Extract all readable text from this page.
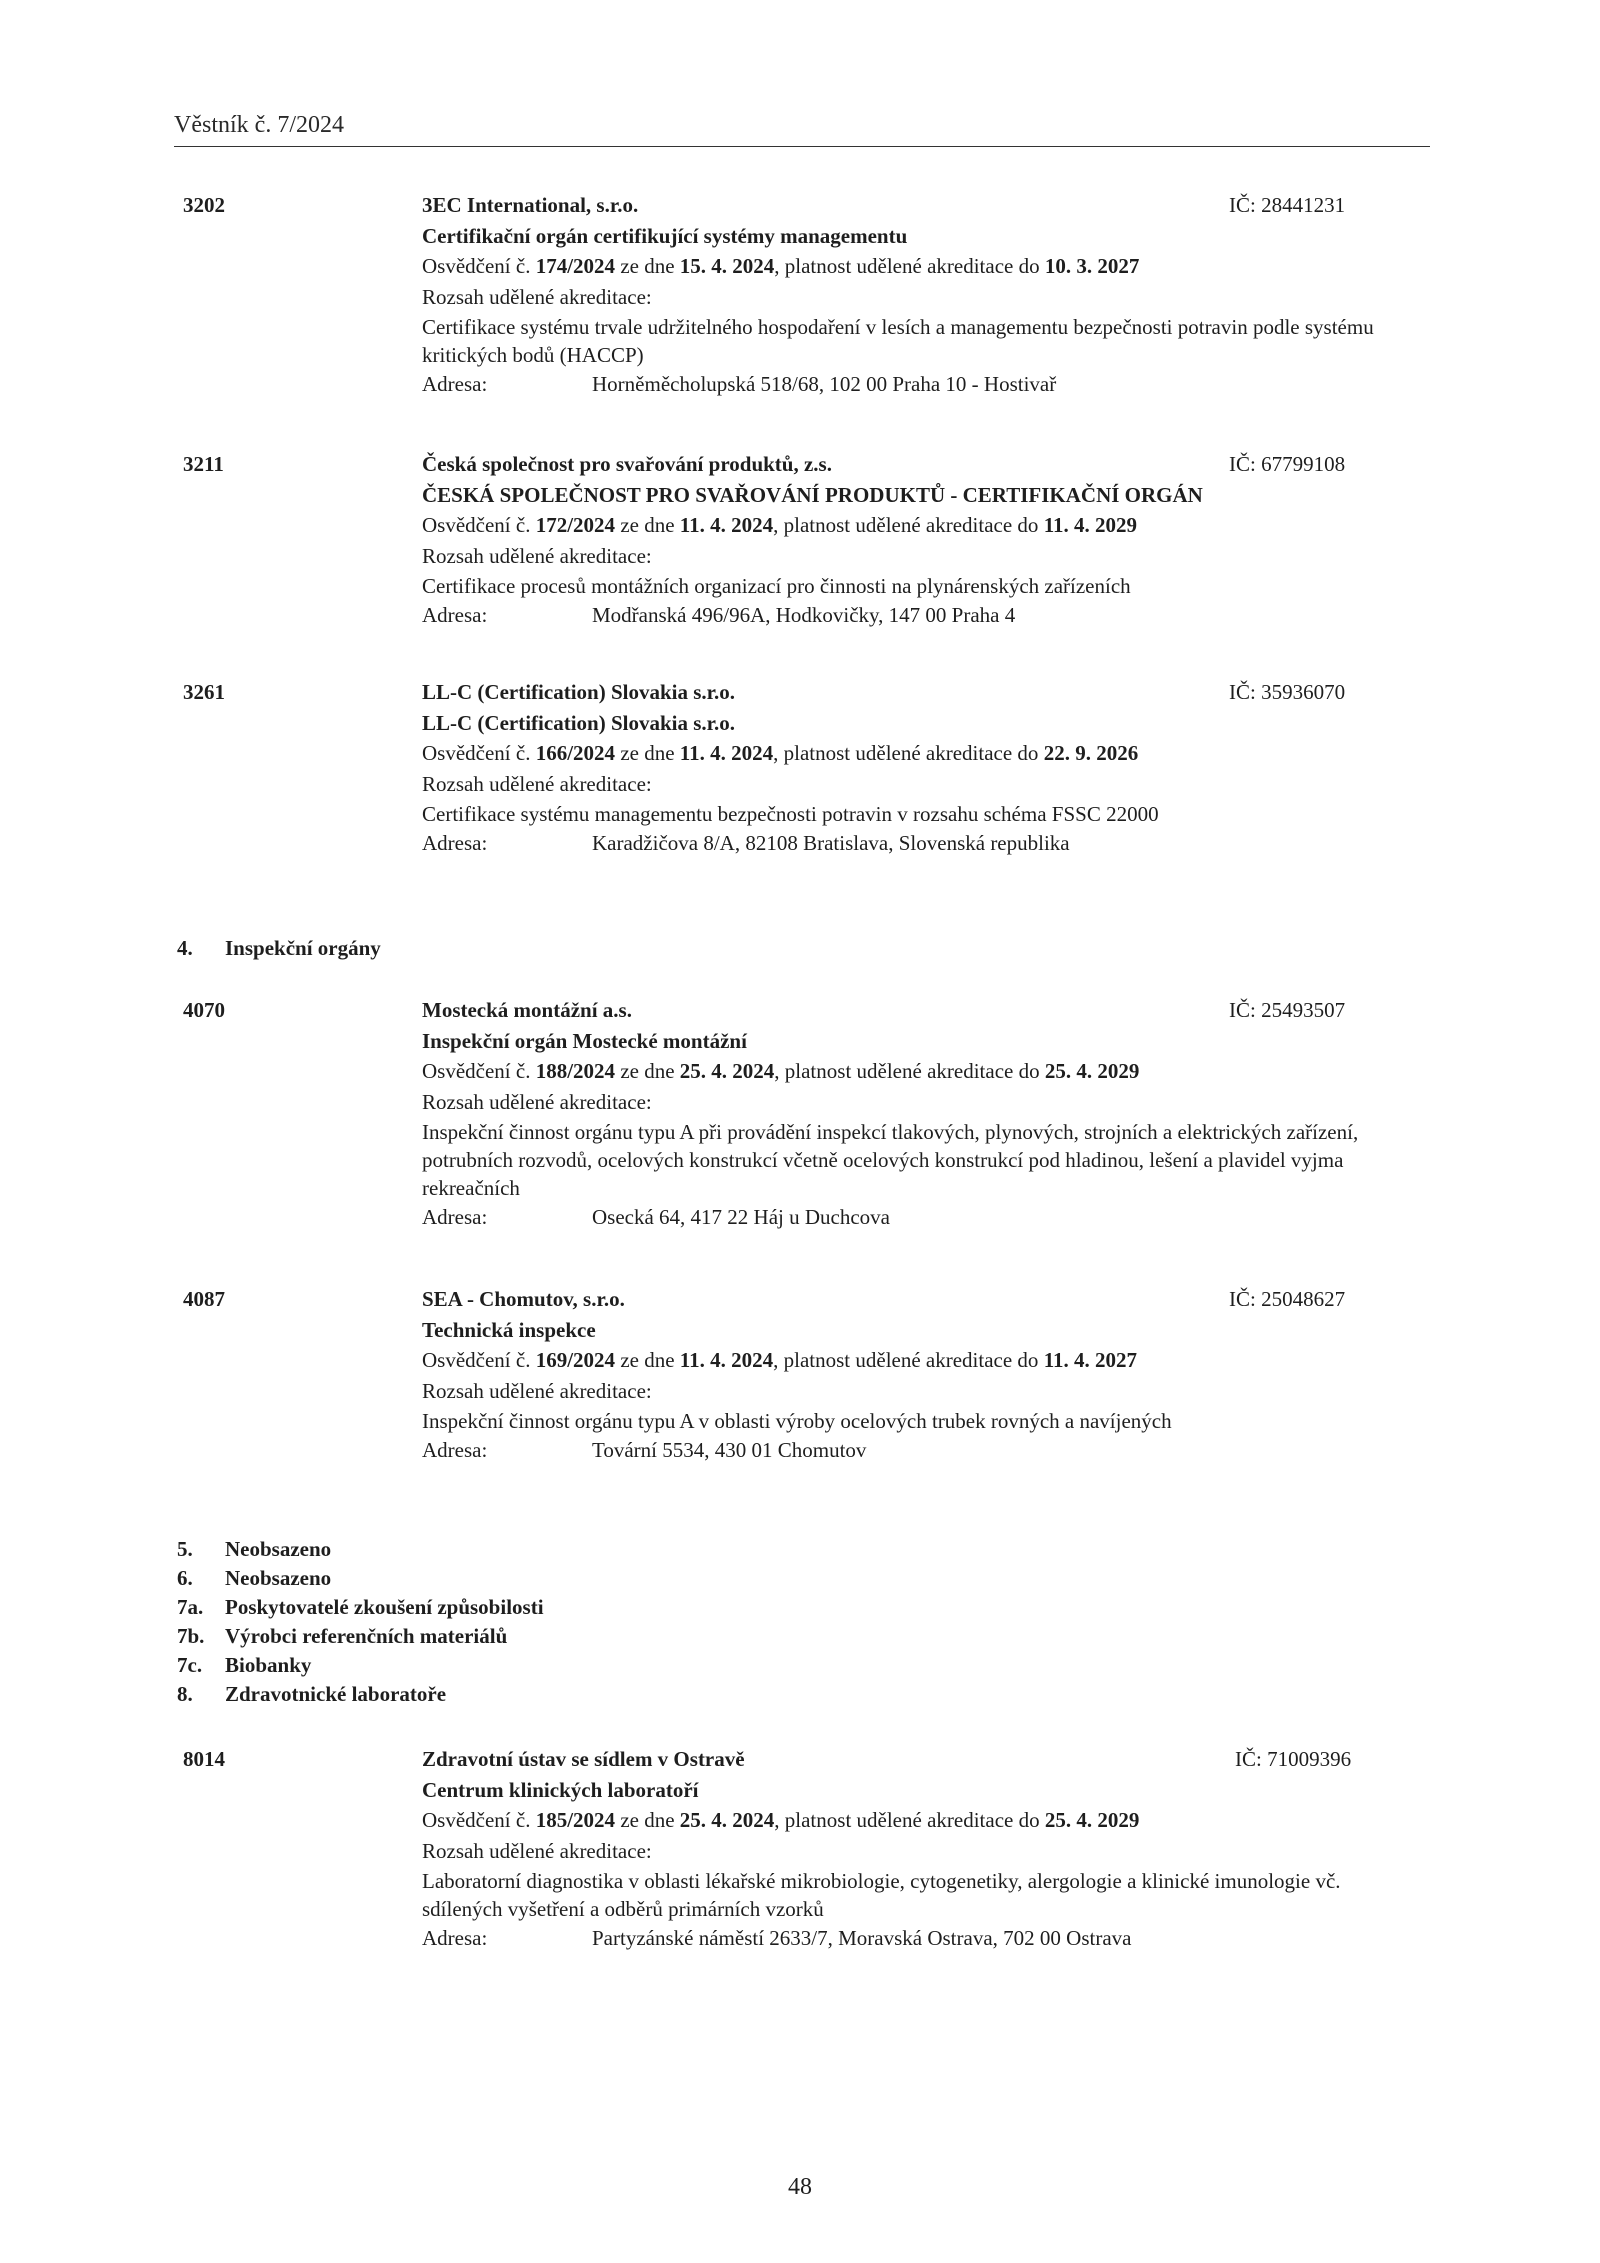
Věstník č. 7/2024
3202	3EC International, s.r.o.	IČ: 28441231
Certifikační orgán certifikující systémy managementu
Osvědčení č. 174/2024 ze dne 15. 4. 2024, platnost udělené akreditace do 10. 3. 2027
Rozsah udělené akreditace:
Certifikace systému trvale udržitelného hospodaření v lesích a managementu bezpečnosti potravin podle systému kritických bodů (HACCP)
Adresa:	Horněměcholupská 518/68, 102 00 Praha 10 - Hostivař
3211	Česká společnost pro svařování produktů, z.s.	IČ: 67799108
ČESKÁ SPOLEČNOST PRO SVAŘOVÁNÍ PRODUKTŮ - CERTIFIKAČNÍ ORGÁN
Osvědčení č. 172/2024 ze dne 11. 4. 2024, platnost udělené akreditace do 11. 4. 2029
Rozsah udělené akreditace:
Certifikace procesů montážních organizací pro činnosti na plynárenských zařízeních
Adresa:	Modřanská 496/96A, Hodkovičky, 147 00 Praha 4
3261	LL-C (Certification) Slovakia s.r.o.	IČ: 35936070
LL-C (Certification) Slovakia s.r.o.
Osvědčení č. 166/2024 ze dne 11. 4. 2024, platnost udělené akreditace do 22. 9. 2026
Rozsah udělené akreditace:
Certifikace systému managementu bezpečnosti potravin v rozsahu schéma FSSC 22000
Adresa:	Karadžičova 8/A, 82108 Bratislava, Slovenská republika
4.	Inspekční orgány
4070	Mostecká montážní a.s.	IČ: 25493507
Inspekční orgán Mostecké montážní
Osvědčení č. 188/2024 ze dne 25. 4. 2024, platnost udělené akreditace do 25. 4. 2029
Rozsah udělené akreditace:
Inspekční činnost orgánu typu A při provádění inspekcí tlakových, plynových, strojních a elektrických zařízení, potrubních rozvodů, ocelových konstrukcí včetně ocelových konstrukcí pod hladinou, lešení a plavidel vyjma rekreačních
Adresa:	Osecká 64, 417 22 Háj u Duchcova
4087	SEA - Chomutov, s.r.o.	IČ: 25048627
Technická inspekce
Osvědčení č. 169/2024 ze dne 11. 4. 2024, platnost udělené akreditace do 11. 4. 2027
Rozsah udělené akreditace:
Inspekční činnost orgánu typu A v oblasti výroby ocelových trubek rovných a navíjených
Adresa:	Tovární 5534, 430 01 Chomutov
5.	Neobsazeno
6.	Neobsazeno
7a.	Poskytovatelé zkoušení způsobilosti
7b. Výrobci referenčních materiálů
7c.	Biobanky
8.	Zdravotnické laboratoře
8014	Zdravotní ústav se sídlem v Ostravě	IČ: 71009396
Centrum klinických laboratoří
Osvědčení č. 185/2024 ze dne 25. 4. 2024, platnost udělené akreditace do 25. 4. 2029
Rozsah udělené akreditace:
Laboratorní diagnostika v oblasti lékařské mikrobiologie, cytogenetiky, alergologie a klinické imunologie vč. sdílených vyšetření a odběrů primárních vzorků
Adresa:	Partyzánské náměstí 2633/7, Moravská Ostrava, 702 00 Ostrava
48
